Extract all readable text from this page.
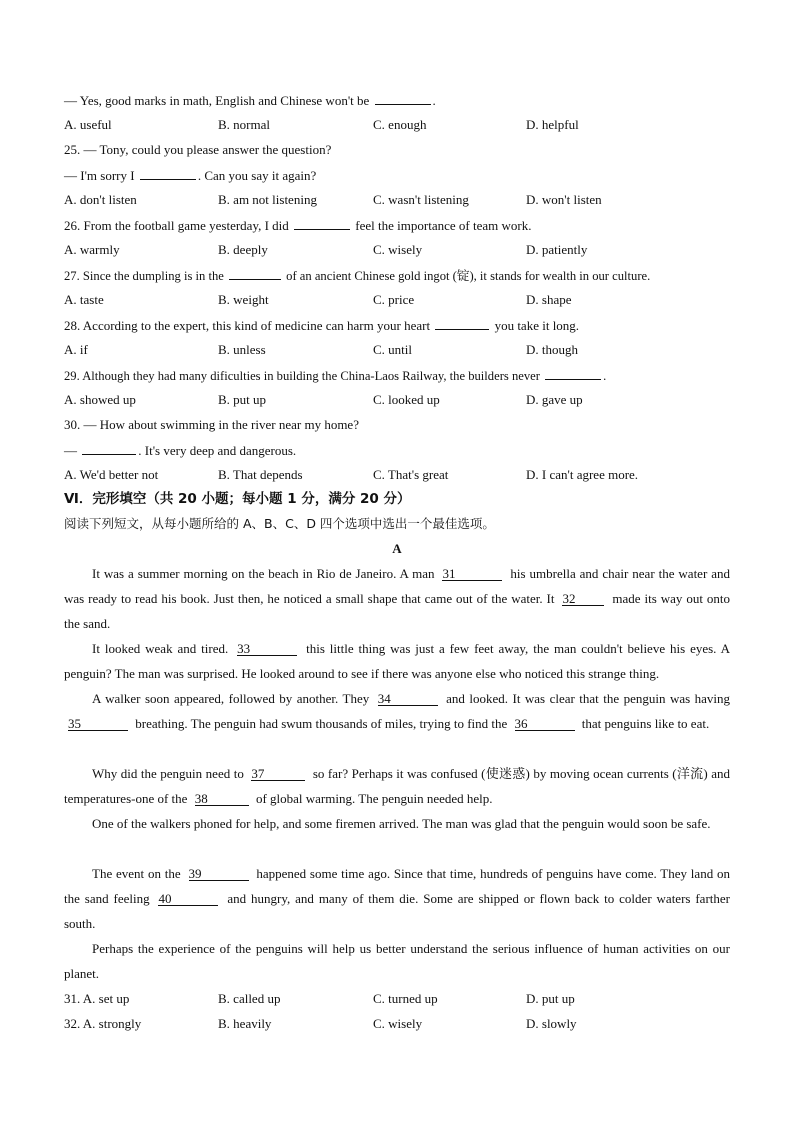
— Yes, good marks in math, English and Chinese won't be	.
A. useful	B. normal	C. enough	D. helpful
25. — Tony, could you please answer the question?
— I'm sorry I	. Can you say it again?
A. don't listen	B. am not listening	C. wasn't listening	D. won't listen
26. From the football game yesterday, I did	feel the importance of team work.
A. warmly	B. deeply	C. wisely	D. patiently
27. Since the dumpling is in the	of an ancient Chinese gold ingot (锭), it stands for wealth in our culture.
A. taste	B. weight	C. price	D. shape
28. According to the expert, this kind of medicine can harm your heart	you take it long.
A. if	B. unless	C. until	D. though
29. Although they had many dificulties in building the China-Laos Railway, the builders never	.
A. showed up	B. put up	C. looked up	D. gave up
30. — How about swimming in the river near my home?
—	. It's very deep and dangerous.
A. We'd better not	B. That depends	C. That's great	D. I can't agree more.
Ⅵ．完形填空（共 20 小题；每小题 1 分，满分 20 分）
阅读下列短文，从每小题所给的 A、B、C、D 四个选项中选出一个最佳选项。
A
It was a summer morning on the beach in Rio de Janeiro. A man 31	his umbrella and chair near the water and was ready to read his book. Just then, he noticed a small shape that came out of the water. It 32	made its way out onto the sand.
It looked weak and tired. 33	this little thing was just a few feet away, the man couldn't believe his eyes. A penguin? The man was surprised. He looked around to see if there was anyone else who noticed this strange thing.
A walker soon appeared, followed by another. They 34	and looked. It was clear that the penguin was having 35	breathing. The penguin had swum thousands of miles, trying to find the 36	that penguins like to eat.
Why did the penguin need to 37	so far? Perhaps it was confused (使迷惑) by moving ocean currents (洋流) and temperatures-one of the 38	of global warming. The penguin needed help.
One of the walkers phoned for help, and some firemen arrived. The man was glad that the penguin would soon be safe.
The event on the 39	happened some time ago. Since that time, hundreds of penguins have come. They land on the sand feeling 40	and hungry, and many of them die. Some are shipped or flown back to colder waters farther south.
Perhaps the experience of the penguins will help us better understand the serious influence of human activities on our planet.
31. A. set up	B. called up	C. turned up	D. put up
32. A. strongly	B. heavily	C. wisely	D. slowly
